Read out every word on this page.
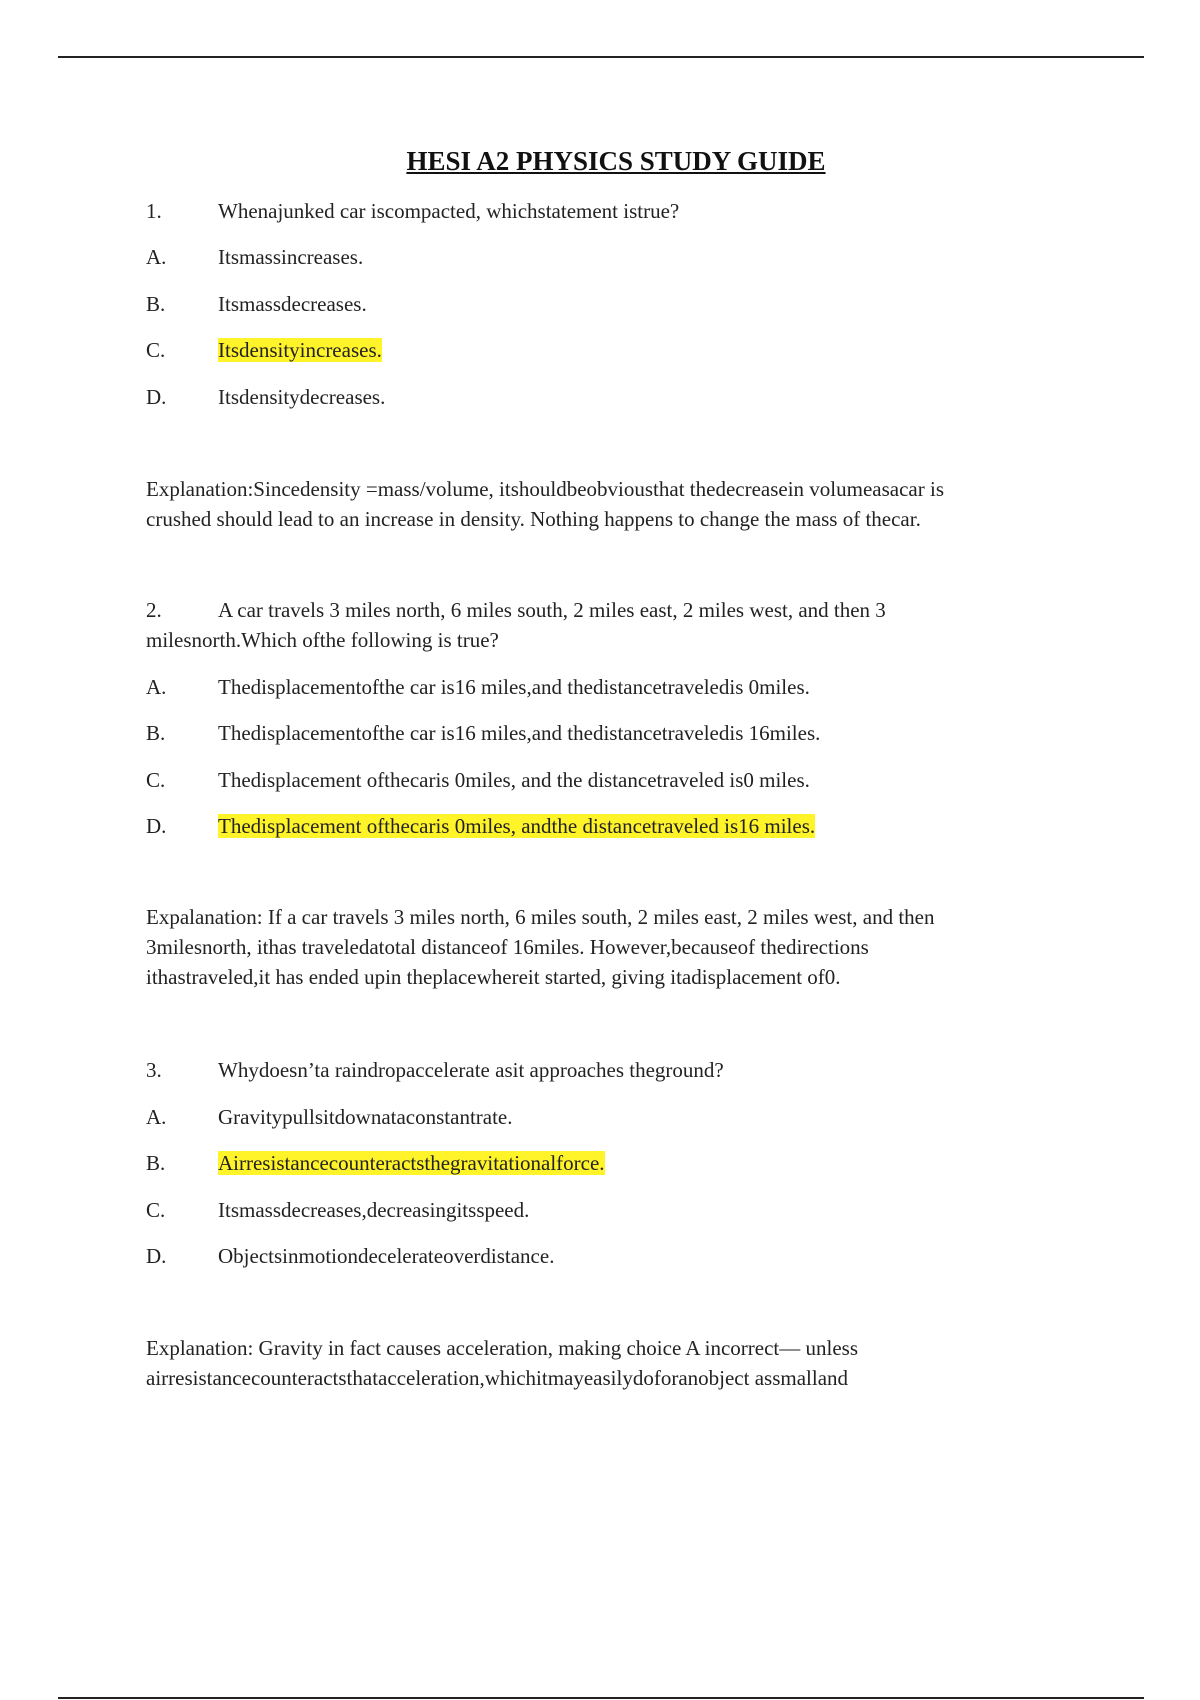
HESI A2 PHYSICS STUDY GUIDE
1.	Whenajunked car iscompacted, whichstatement istrue?
A. Itsmassincreases.
B.	Itsmassdecreases.
C.	Itsdensityincreases.
D. Itsdensitydecreases.
Explanation:Sincedensity =mass/volume, itshouldbeobviousthat thedecreasein volumeasacar is
crushed should lead to an increase in density. Nothing happens to change the mass of thecar.
2.	A car travels 3 miles north, 6 miles south, 2 miles east, 2 miles west, and then 3
milesnorth.Which ofthe following is true?
A. Thedisplacementofthe car is16 miles,and thedistancetraveledis 0miles.
B.	Thedisplacementofthe car is16 miles,and thedistancetraveledis 16miles.
C.	Thedisplacement ofthecaris 0miles, and the distancetraveled is0 miles.
D. Thedisplacement ofthecaris 0miles, andthe distancetraveled is16 miles.
Expalanation: If a car travels 3 miles north, 6 miles south, 2 miles east, 2 miles west, and then
3milesnorth, ithas traveledatotal distanceof 16miles. However,becauseof thedirections
ithastraveled,it has ended upin theplacewhereit started, giving itadisplacement of0.
3.	Whydoesn’ta raindropaccelerate asit approaches theground?
A. Gravitypullsitdownataconstantrate.
B.	Airresistancecounteractsthegravitationalforce.
C.	Itsmassdecreases,decreasingitsspeed.
D. Objectsinmotiondecelerateoverdistance.
Explanation: Gravity in fact causes acceleration, making choice A incorrect— unless
airresistancecounteractsthatacceleration,whichitmayeasilydoforanobject assmalland
